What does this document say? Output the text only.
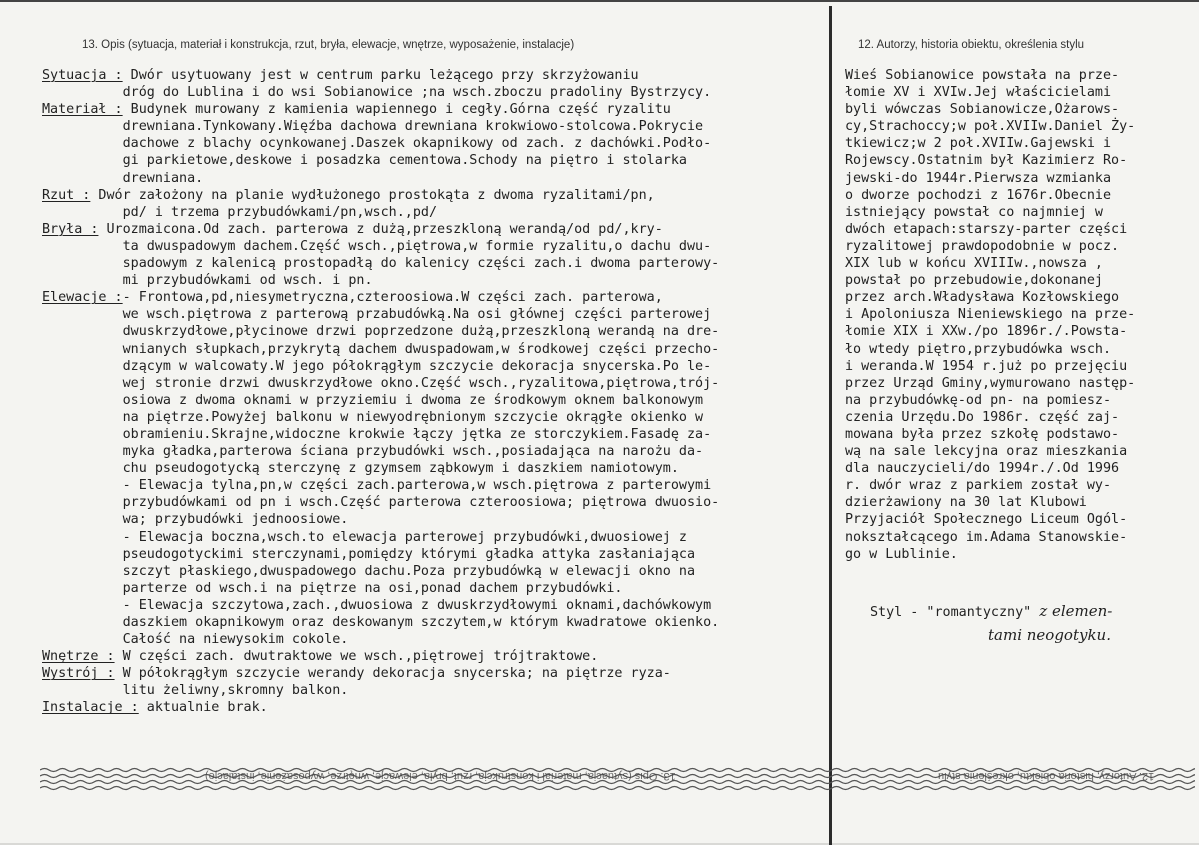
13. Opis (sytuacja, materiał i konstrukcja, rzut, bryła, elewacje, wnętrze, wyposażenie, instalacje)	12. Autorzy, historia obiektu, określenia stylu
Sytuacja : Dwór usytuowany jest w centrum parku leżącego przy skrzyżowaniu
dróg do Lublina i do wsi Sobianowice ;na wsch.zboczu pradoliny Bystrzycy.
Materiał : Budynek murowany z kamienia wapiennego i cegły.Górna część ryzalitu
drewniana.Tynkowany.Więźba dachowa drewniana krokwiowo-stolcowa.Pokrycie
dachowe z blachy ocynkowanej.Daszek okapnikowy od zach. z dachówki.Podło-
gi parkietowe,deskowe i posadzka cementowa.Schody na piętro i stolarka
drewniana.
Rzut : Dwór założony na planie wydłużonego prostokąta z dwoma ryzalitami/pn,
pd/ i trzema przybudówkami/pn,wsch.,pd/
Bryła : Urozmaicona.Od zach. parterowa z dużą,przeszkloną werandą/od pd/,kry-
ta dwuspadowym dachem.Część wsch.,piętrowa,w formie ryzalitu,o dachu dwu-
spadowym z kalenicą prostopadłą do kalenicy części zach.i dwoma parterowy-
mi przybudówkami od wsch. i pn.
Elewacje :- Frontowa,pd,niesymetryczna,czteroosiowa.W części zach. parterowa,
we wsch.piętrowa z parterową przabudówką.Na osi głównej części parterowej
dwuskrzydłowe,płycinowe drzwi poprzedzone dużą,przeszkloną werandą na dre-
wnianych słupkach,przykrytą dachem dwuspadowam,w środkowej części przecho-
dzącym w walcowaty.W jego półokrągłym szczycie dekoracja snycerska.Po le-
wej stronie drzwi dwuskrzydłowe okno.Część wsch.,ryzalitowa,piętrowa,trój-
osiowa z dwoma oknami w przyziemiu i dwoma ze środkowym oknem balkonowym
na piętrze.Powyżej balkonu w niewyodrębnionym szczycie okrągłe okienko w
obramieniu.Skrajne,widoczne krokwie łączy jętka ze storczykiem.Fasadę za-
myka gładka,parterowa ściana przybudówki wsch.,posiadająca na narożu da-
chu pseudogotycką sterczynę z gzymsem ząbkowym i daszkiem namiotowym.
- Elewacja tylna,pn,w części zach.parterowa,w wsch.piętrowa z parterowymi
przybudówkami od pn i wsch.Część parterowa czteroosiowa; piętrowa dwuosio-
wa; przybudówki jednoosiowe.
- Elewacja boczna,wsch.to elewacja parterowej przybudówki,dwuosiowej z
pseudogotyckimi sterczynami,pomiędzy którymi gładka attyka zasłaniająca
szczyt płaskiego,dwuspadowego dachu.Poza przybudówką w elewacji okno na
parterze od wsch.i na piętrze na osi,ponad dachem przybudówki.
- Elewacja szczytowa,zach.,dwuosiowa z dwuskrzydłowymi oknami,dachówkowym
daszkiem okapnikowym oraz deskowanym szczytem,w którym kwadratowe okienko.
Całość na niewysokim cokole.
Wnętrze : W części zach. dwutraktowe we wsch.,piętrowej trójtraktowe.
Wystrój : W półokrągłym szczycie werandy dekoracja snycerska; na piętrze ryza-
litu żeliwny,skromny balkon.
Instalacje : aktualnie brak.
Wieś Sobianowice powstała na prze-
łomie XV i XVIw.Jej właścicielami
byli wówczas Sobianowicze,Ożarows-
cy,Strachoccy;w poł.XVIIw.Daniel Ży-
tkiewicz;w 2 poł.XVIIw.Gajewski i
Rojewscy.Ostatnim był Kazimierz Ro-
jewski-do 1944r.Pierwsza wzmianka
o dworze pochodzi z 1676r.Obecnie
istniejący powstał co najmniej w
dwóch etapach:starszy-parter części
ryzalitowej prawdopodobnie w pocz.
XIX lub w końcu XVIIIw.,nowsza ,
powstał po przebudowie,dokonanej
przez arch.Władysława Kozłowskiego
i Apoloniusza Nieniewskiego na prze-
łomie XIX i XXw./po 1896r./.Powsta-
ło wtedy piętro,przybudówka wsch.
i weranda.W 1954 r.już po przejęciu
przez Urząd Gminy,wymurowano następ-
na przybudówkę-od pn- na pomiesz-
czenia Urzędu.Do 1986r. część zaj-
mowana była przez szkołę podstawo-
wą na sale lekcyjna oraz mieszkania
dla nauczycieli/do 1994r./.Od 1996
r. dwór wraz z parkiem został wy-
dzierżawiony na 30 lat Klubowi
Przyjaciół Społecznego Liceum Ogól-
nokształcącego im.Adama Stanowskie-
go w Lublinie.
Styl - "romantyczny" z elemen-
tami neogotyku.
13. Opis (sytuacja, materiał i konstrukcja, rzut, bryła, elewacje, wnętrze, wyposażenie, instalacje)	12. Autorzy, historia obiektu, określenia stylu
